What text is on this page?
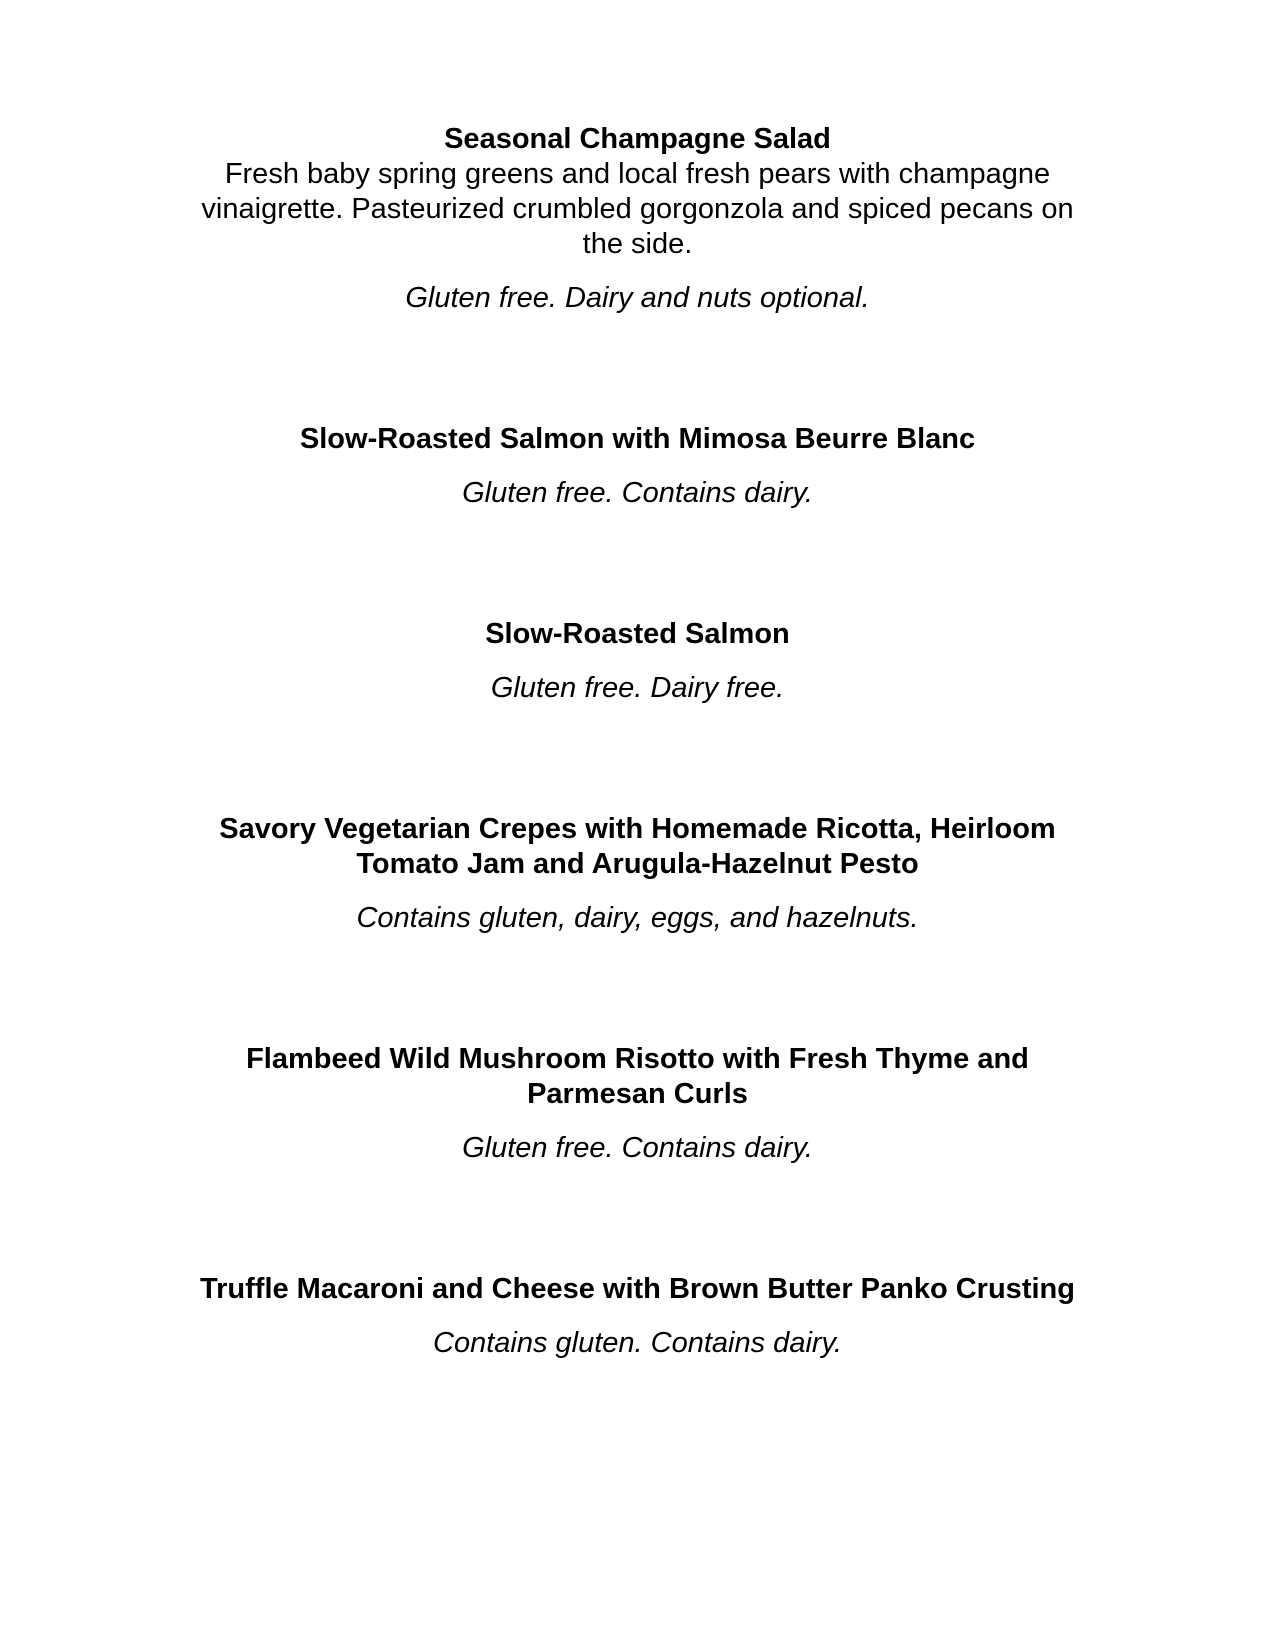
Seasonal Champagne Salad

Fresh baby spring greens and local fresh pears with champagne vinaigrette. Pasteurized crumbled gorgonzola and spiced pecans on the side.

Gluten free. Dairy and nuts optional.

Slow-Roasted Salmon with Mimosa Beurre Blanc

Gluten free. Contains dairy.

Slow-Roasted Salmon

Gluten free. Dairy free.

Savory Vegetarian Crepes with Homemade Ricotta, Heirloom Tomato Jam and Arugula-Hazelnut Pesto

Contains gluten, dairy, eggs, and hazelnuts.

Flambeed Wild Mushroom Risotto with Fresh Thyme and Parmesan Curls

Gluten free. Contains dairy.

Truffle Macaroni and Cheese with Brown Butter Panko Crusting

Contains gluten. Contains dairy.
